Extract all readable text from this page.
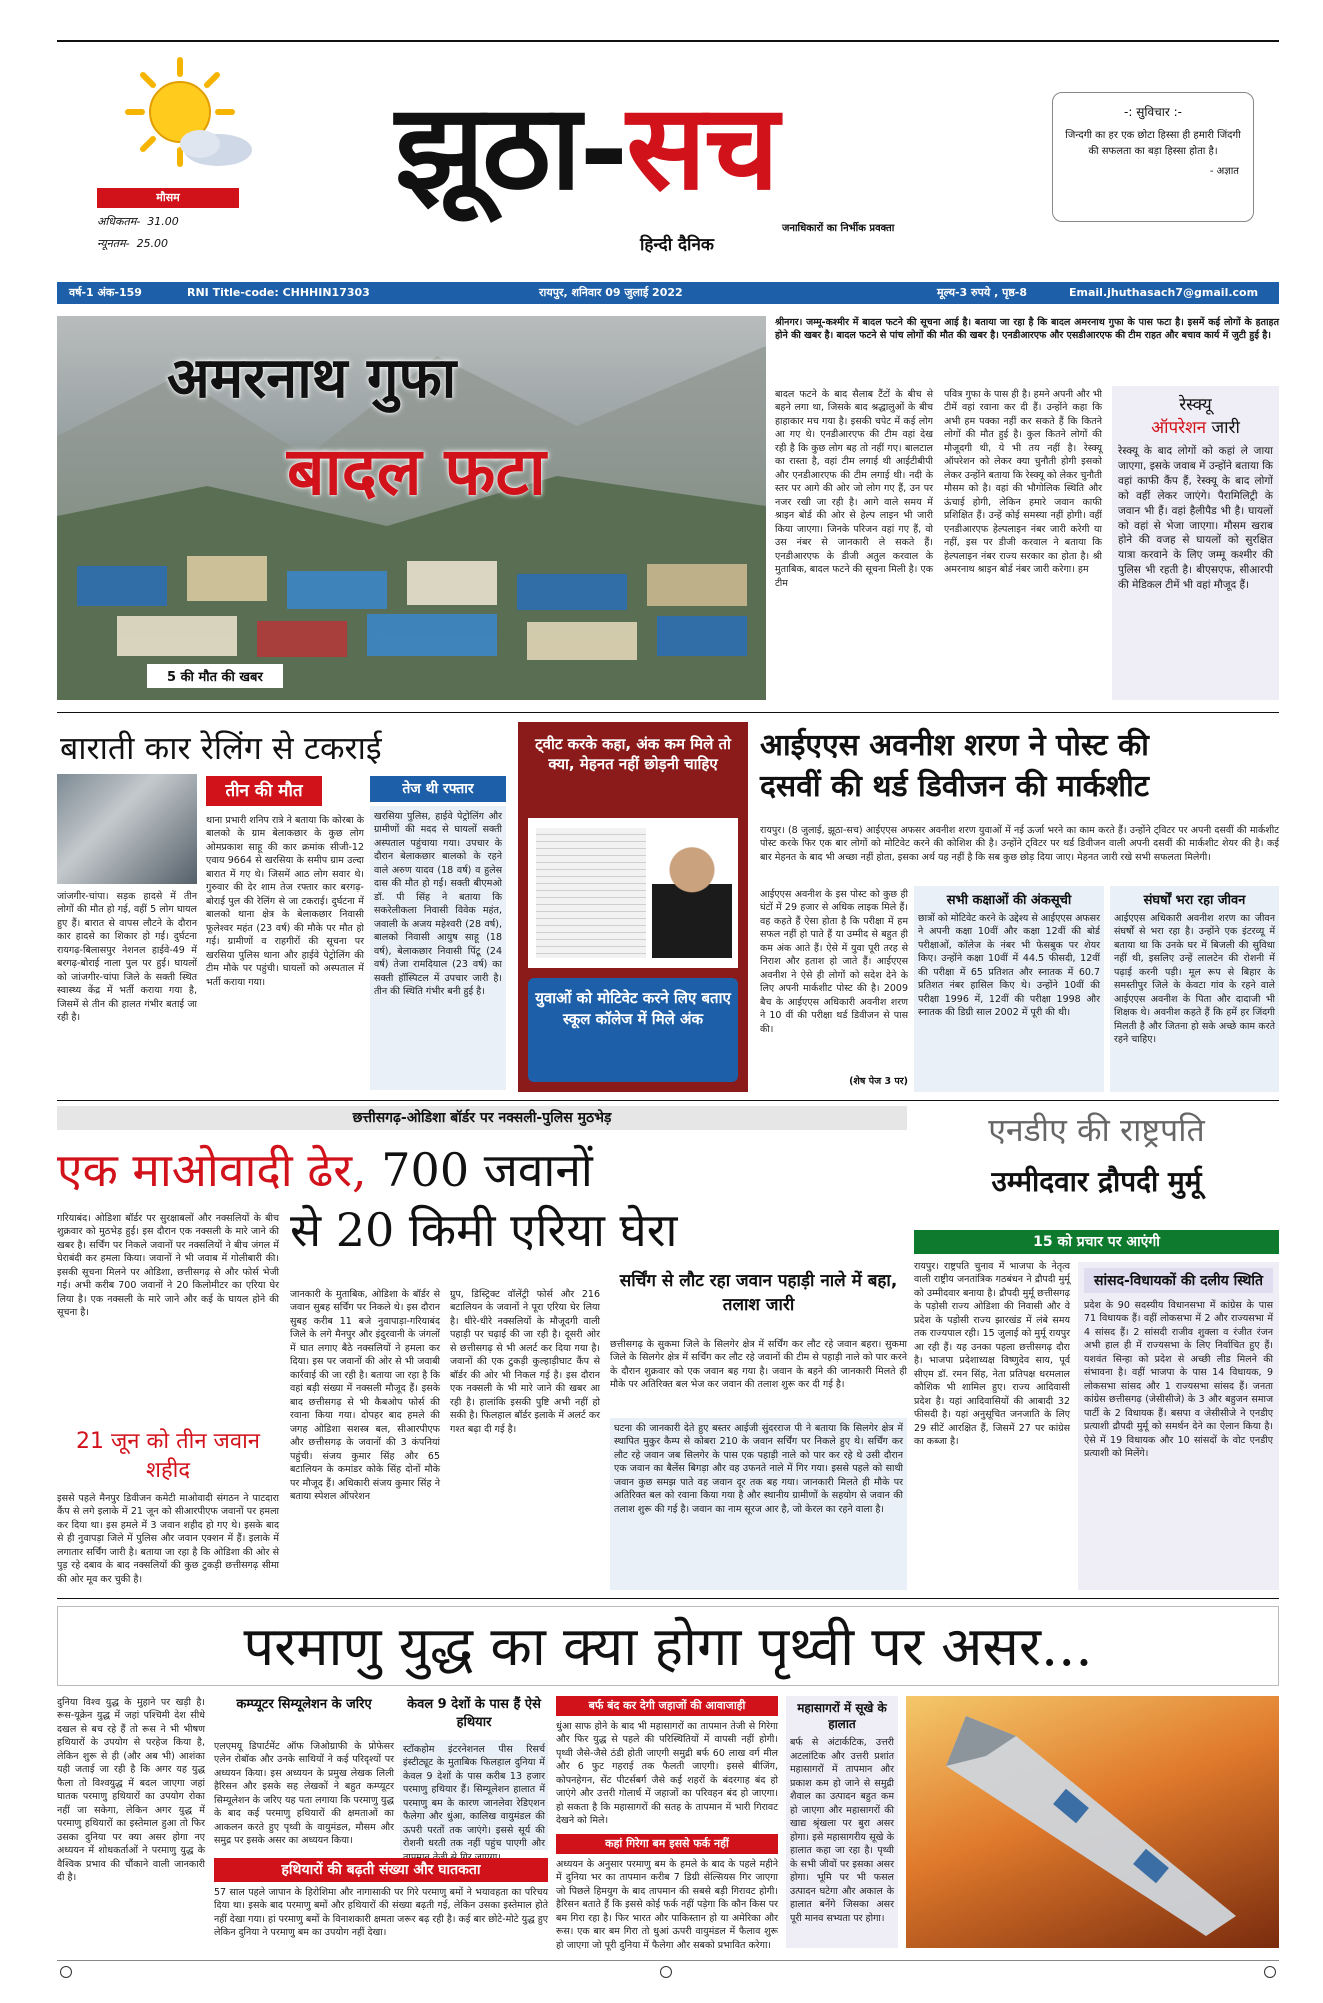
मौसम
अधिकतम- 31.00
न्यूनतम- 25.00
झूठा-सच
हिन्दी दैनिक
जनाधिकारों का निर्भीक प्रवक्ता
-: सुविचार :-
जिन्दगी का हर एक छोटा हिस्सा ही हमारी जिंदगी की सफलता का बड़ा हिस्सा होता है।
- अज्ञात
वर्ष-1 अंक-159	RNI Title-code: CHHHIN17303	रायपुर, शनिवार 09 जुलाई 2022	मूल्य-3 रुपये , पृष्ठ-8	Email.jhuthasach7@gmail.com
अमरनाथ गुफा
बादल फटा
5 की मौत की खबर
श्रीनगर। जम्मू-कश्मीर में बादल फटने की सूचना आई है। बताया जा रहा है कि बादल अमरनाथ गुफा के पास फटा है। इसमें कई लोगों के हताहत होने की खबर है। बादल फटने से पांच लोगों की मौत की खबर है। एनडीआरएफ और एसडीआरएफ की टीम राहत और बचाव कार्य में जुटी हुई है।
बादल फटने के बाद सैलाब टैंटों के बीच से बहने लगा था, जिसके बाद श्रद्धालुओं के बीच हाहाकार मच गया है। इसकी चपेट में कई लोग आ गए थे। एनडीआरएफ की टीम वहां देख रही है कि कुछ लोग बह तो नहीं गए। बालटाल का रास्ता है, वहां टीम लगाई थी आईटीबीपी और एनडीआरएफ की टीम लगाई थी। नदी के स्तर पर आगे की ओर जो लोग गए हैं, उन पर नजर रखी जा रही है। आगे वाले समय में श्राइन बोर्ड की ओर से हेल्प लाइन भी जारी किया जाएगा। जिनके परिजन वहां गए हैं, वो उस नंबर से जानकारी ले सकते हैं। एनडीआरएफ के डीजी अतुल करवाल के मुताबिक, बादल फटने की सूचना मिली है। एक टीम
पवित्र गुफा के पास ही है। हमने अपनी और भी टीमें वहां रवाना कर दी हैं। उन्होंने कहा कि अभी हम पक्का नहीं कर सकते हैं कि कितने लोगों की मौत हुई है। कुल कितने लोगों की मौजूदगी थी, ये भी तय नहीं है। रेस्क्यू ऑपरेशन को लेकर क्या चुनौती होगी इसको लेकर उन्होंने बताया कि रेस्क्यू को लेकर चुनौती मौसम को है। वहां की भौगोलिक स्थिति और ऊंचाई होगी, लेकिन हमारे जवान काफी प्रशिक्षित हैं। उन्हें कोई समस्या नहीं होगी। वहीं एनडीआरएफ हेल्पलाइन नंबर जारी करेगी या नहीं, इस पर डीजी करवाल ने बताया कि हेल्पलाइन नंबर राज्य सरकार का होता है। श्री अमरनाथ श्राइन बोर्ड नंबर जारी करेगा। हम
रेस्क्यू
ऑपरेशन जारी
रेस्क्यू के बाद लोगों को कहां ले जाया जाएगा, इसके जवाब में उन्होंने बताया कि वहां काफी कैंप हैं, रेस्क्यू के बाद लोगों को वहीं लेकर जाएंगे। पैरामिलिट्री के जवान भी हैं। वहां हैलीपैड भी है। घायलों को वहां से भेजा जाएगा। मौसम खराब होने की वजह से घायलों को सुरक्षित यात्रा करवाने के लिए जम्मू कश्मीर की पुलिस भी रहती है। बीएसएफ, सीआरपी की मेडिकल टीमें भी वहां मौजूद हैं।
बाराती कार रेलिंग से टकराई
जांजगीर-चांपा। सड़क हादसे में तीन लोगों की मौत हो गई, वहीं 5 लोग घायल हुए हैं। बारात से वापस लौटने के दौरान कार हादसे का शिकार हो गई। दुर्घटना रायगढ़-बिलासपुर नेशनल हाईवे-49 में बरगढ़-बोराई नाला पुल पर हुई। घायलों को जांजगीर-चांपा जिले के सक्ती स्थित स्वास्थ्य केंद्र में भर्ती कराया गया है, जिसमें से तीन की हालत गंभीर बताई जा रही है।
तीन की मौत
थाना प्रभारी शनिप रात्रे ने बताया कि कोरबा के बालको के ग्राम बेलाकछार के कुछ लोग ओमप्रकाश साहू की कार क्रमांक सीजी-12 एवाय 9664 से खरसिया के समीप ग्राम उल्दा बारात में गए थे। जिसमें आठ लोग सवार थे। गुरुवार की देर शाम तेज रफ्तार कार बरगढ़-बोराई पुल की रेलिंग से जा टकराई। दुर्घटना में बालको थाना क्षेत्र के बेलाकछार निवासी फूलेश्वर महंत (23 वर्ष) की मौके पर मौत हो गई। ग्रामीणों व राहगीरों की सूचना पर खरसिया पुलिस थाना और हाईवे पेट्रोलिंग की टीम मौके पर पहुंची। घायलों को अस्पताल में भर्ती कराया गया।
तेज थी रफ्तार
खरसिया पुलिस, हाईवे पेट्रोलिंग और ग्रामीणों की मदद से घायलों सक्ती अस्पताल पहुंचाया गया। उपचार के दौरान बेलाकछार बालको के रहने वाले अरुण यादव (18 वर्ष) व हुलेस दास की मौत हो गई। सक्ती बीएमओ डॉ. पी सिंह ने बताया कि सकरेलीकला निवासी विवेक महंत, जवाली के अजय महेश्वरी (28 वर्ष), बालको निवासी आयुष साहू (18 वर्ष), बेलाकछार निवासी पिंटू (24 वर्ष) तेजा रामदियाल (23 वर्ष) का सक्ती हॉस्पिटल में उपचार जारी है। तीन की स्थिति गंभीर बनी हुई है।
ट्वीट करके कहा, अंक कम मिले तो क्या, मेहनत नहीं छोड़नी चाहिए
युवाओं को मोटिवेट करने लिए बताए स्कूल कॉलेज में मिले अंक
आईएएस अवनीश शरण ने पोस्ट की
दसवीं की थर्ड डिवीजन की मार्कशीट
रायपुर। (8 जुलाई, झूठा-सच) आईएएस अफसर अवनीश शरण युवाओं में नई ऊर्जा भरने का काम करते हैं। उन्होंने ट्विटर पर अपनी दसवीं की मार्कशीट पोस्ट करके फिर एक बार लोगों को मोटिवेट करने की कोशिश की है। उन्होंने ट्विटर पर थर्ड डिवीजन वाली अपनी दसवीं की मार्कशीट शेयर की है। कई बार मेहनत के बाद भी अच्छा नहीं होता, इसका अर्थ यह नहीं है कि सब कुछ छोड़ दिया जाए। मेहनत जारी रखे सभी सफलता मिलेगी।
आईएएस अवनीश के इस पोस्ट को कुछ ही घंटों में 29 हजार से अधिक लाइक मिले हैं। वह कहते हैं ऐसा होता है कि परीक्षा में हम सफल नहीं हो पाते हैं या उम्मीद से बहुत ही कम अंक आते हैं। ऐसे में युवा पूरी तरह से निराश और हताश हो जाते हैं। आईएएस अवनीश ने ऐसे ही लोगों को सदेश देने के लिए अपनी मार्कशीट पोस्ट की है। 2009 बैच के आईएएस अधिकारी अवनीश शरण ने 10 वीं की परीक्षा थर्ड डिवीजन से पास की।
(शेष पेज 3 पर)
सभी कक्षाओं की अंकसूची
छात्रों को मोटिवेट करने के उद्देश्य से आईएएस अफसर ने अपनी कक्षा 10वीं और कक्षा 12वीं की बोर्ड परीक्षाओं, कॉलेज के नंबर भी फेसबुक पर शेयर किए। उन्होंने कक्षा 10वीं में 44.5 फीसदी, 12वीं की परीक्षा में 65 प्रतिशत और स्नातक में 60.7 प्रतिशत नंबर हासिल किए थे। उन्होंने 10वीं की परीक्षा 1996 में, 12वीं की परीक्षा 1998 और स्नातक की डिग्री साल 2002 में पूरी की थी।
संघर्षों भरा रहा जीवन
आईएएस अधिकारी अवनीश शरण का जीवन संघर्षों से भरा रहा है। उन्होंने एक इंटरव्यू में बताया था कि उनके घर में बिजली की सुविधा नहीं थी, इसलिए उन्हें लालटेन की रोशनी में पढ़ाई करनी पड़ी। मूल रूप से बिहार के समस्तीपुर जिले के केवटा गांव के रहने वाले आईएएस अवनीश के पिता और दादाजी भी शिक्षक थे। अवनीश कहते हैं कि हमें हर जिंदगी मिलती है और जितना हो सके अच्छे काम करते रहने चाहिए।
छत्तीसगढ़-ओडिशा बॉर्डर पर नक्सली-पुलिस मुठभेड़
एक माओवादी ढेर, 700 जवानों
से 20 किमी एरिया घेरा
गरियाबंद। ओडिशा बॉर्डर पर सुरक्षाबलों और नक्सलियों के बीच शुक्रवार को मुठभेड़ हुई। इस दौरान एक नक्सली के मारे जाने की खबर है। सर्चिंग पर निकले जवानों पर नक्सलियों ने बीच जंगल में घेराबंदी कर हमला किया। जवानों ने भी जवाब में गोलीबारी की। इसकी सूचना मिलने पर ओडिशा, छत्तीसगढ़ से और फोर्स भेजी गई। अभी करीब 700 जवानों ने 20 किलोमीटर का एरिया घेर लिया है। एक नक्सली के मारे जाने और कई के घायल होने की सूचना है।
21 जून को तीन जवान शहीद
इससे पहले मैनपुर डिवीजन कमेटी माओवादी संगठन ने पाटदारा कैंप से लगे इलाके में 21 जून को सीआरपीएफ जवानों पर हमला कर दिया था। इस हमले में 3 जवान शहीद हो गए थे। इसके बाद से ही नुवापड़ा जिले में पुलिस और जवान एक्शन में हैं। इलाके में लगातार सर्चिंग जारी है। बताया जा रहा है कि ओडिशा की ओर से पुड़ रहे दबाव के बाद नक्सलियों की कुछ टुकड़ी छत्तीसगढ़ सीमा की ओर मूव कर चुकी है।
जानकारी के मुताबिक, ओडिशा के बॉर्डर से जवान सुबह सर्चिंग पर निकले थे। इस दौरान सुबह करीब 11 बजे नुवापाड़ा-गरियाबंद जिले के लगे मैनपुर और इंदुरवानी के जंगलों में घात लगाए बैठे नक्सलियों ने हमला कर दिया। इस पर जवानों की ओर से भी जवाबी कार्रवाई की जा रही है। बताया जा रहा है कि वहां बड़ी संख्या में नक्सली मौजूद हैं। इसके बाद छत्तीसगढ़ से भी कैबओप फोर्स की रवाना किया गया। दोपहर बाद हमले की जगह ओडिशा सशस्त्र बल, सीआरपीएफ और छत्तीसगढ़ के जवानों की 3 कंपनियां पहुंची। संजय कुमार सिंह और 65 बटालियन के कमांडर कोके सिंह दोनों मौके पर मौजूद हैं। अधिकारी संजय कुमार सिंह ने बताया स्पेशल ऑपरेशन
ग्रुप, डिस्ट्रिक्ट वॉलेंट्री फोर्स और 216 बटालियन के जवानों ने पूरा एरिया घेर लिया है। धीरे-धीरे नक्सलियों के मौजूदगी वाली पहाड़ी पर चढ़ाई की जा रही है। दूसरी ओर से छत्तीसगढ़ से भी अलर्ट कर दिया गया है। जवानों की एक टुकड़ी कुल्हाड़ीघाट कैंप से बॉर्डर की ओर भी निकल गई है। इस दौरान एक नक्सली के भी मारे जाने की खबर आ रही है। हालांकि इसकी पुष्टि अभी नहीं हो सकी है। फिलहाल बॉर्डर इलाके में अलर्ट कर गश्त बढ़ा दी गई है।
सर्चिंग से लौट रहा जवान पहाड़ी नाले में बहा, तलाश जारी
छत्तीसगढ़ के सुकमा जिले के सिलगेर क्षेत्र में सर्चिंग कर लौट रहे जवान बहरा। सुकमा जिले के सिलगेर क्षेत्र में सर्चिंग कर लौट रहे जवानों की टीम से पहाड़ी नाले को पार करने के दौरान शुक्रवार को एक जवान बह गया है। जवान के बहने की जानकारी मिलते ही मौके पर अतिरिक्त बल भेज कर जवान की तलाश शुरू कर दी गई है।
घटना की जानकारी देते हुए बस्तर आईजी सुंदरराज पी ने बताया कि सिलगेर क्षेत्र में स्थापित मुकुर कैम्प से कोबरा 210 के जवान सर्चिंग पर निकले हुए थे। सर्चिंग कर लौट रहे जवान जब सिलगेर के पास एक पहाड़ी नाले को पार कर रहे थे उसी दौरान एक जवान का बैलेंस बिगड़ा और वह उफनते नाले में गिर गया। इससे पहले को साथी जवान कुछ समझ पाते वह जवान दूर तक बह गया। जानकारी मिलते ही मौके पर अतिरिक्त बल को रवाना किया गया है और स्थानीय ग्रामीणों के सहयोग से जवान की तलाश शुरू की गई है। जवान का नाम सूरज आर है, जो केरल का रहने वाला है।
एनडीए की राष्ट्रपति
उम्मीदवार द्रौपदी मुर्मू
15 को प्रचार पर आएंगी
रायपुर। राष्ट्रपति चुनाव में भाजपा के नेतृत्व वाली राष्ट्रीय जनतांत्रिक गठबंधन ने द्रौपदी मुर्मू को उम्मीदवार बनाया है। द्रौपदी मुर्मू छत्तीसगढ़ के पड़ोसी राज्य ओडिशा की निवासी और वे प्रदेश के पड़ोसी राज्य झारखंड में लंबे समय तक राज्यपाल रही। 15 जुलाई को मुर्मू रायपुर आ रही हैं। यह उनका पहला छत्तीसगढ़ दौरा है। भाजपा प्रदेशाध्यक्ष विष्णुदेव साय, पूर्व सीएम डॉ. रमन सिंह, नेता प्रतिपक्ष धरमलाल कौशिक भी शामिल हुए। राज्य आदिवासी प्रदेश है। यहां आदिवासियों की आबादी 32 फीसदी है। यहां अनुसूचित जनजाति के लिए 29 सीटें आरक्षित हैं, जिसमें 27 पर कांग्रेस का कब्जा है।
सांसद-विधायकों की दलीय स्थिति
प्रदेश के 90 सदस्यीय विधानसभा में कांग्रेस के पास 71 विधायक हैं। वहीं लोकसभा में 2 और राज्यसभा में 4 सांसद हैं। 2 सांसदी राजीव शुक्ला व रंजीत रंजन अभी हाल ही में राज्यसभा के लिए निर्वाचित हुए हैं। यशवंत सिन्हा को प्रदेश से अच्छी लीड मिलने की संभावना है। वहीं भाजपा के पास 14 विधायक, 9 लोकसभा सांसद और 1 राज्यसभा सांसद हैं। जनता कांग्रेस छत्तीसगढ़ (जेसीसीजे) के 3 और बहुजन समाज पार्टी के 2 विधायक हैं। बसपा व जेसीसीजे ने एनडीए प्रत्याशी द्रौपदी मुर्मू को समर्थन देने का ऐलान किया है। ऐसे में 19 विधायक और 10 सांसदों के वोट एनडीए प्रत्याशी को मिलेंगे।
परमाणु युद्ध का क्या होगा पृथ्वी पर असर...
दुनिया विश्व युद्ध के मुहाने पर खड़ी है। रूस-यूक्रेन युद्ध में जहां पश्चिमी देश सीधे दखल से बच रहे हैं तो रूस ने भी भीषण हथियारों के उपयोग से परहेज किया है, लेकिन शुरू से ही (और अब भी) आशंका यही जताई जा रही है कि अगर यह युद्ध फैला तो विश्वयुद्ध में बदल जाएगा जहां घातक परमाणु हथियारों का उपयोग रोका नहीं जा सकेगा, लेकिन अगर युद्ध में परमाणु हथियारों का इस्तेमाल हुआ तो फिर उसका दुनिया पर क्या असर होगा नए अध्ययन में शोधकर्ताओं ने परमाणु युद्ध के वैश्विक प्रभाव की चौंकाने वाली जानकारी दी है।
कम्प्यूटर सिम्यूलेशन के जरिए
एलएमयू डिपार्टमेंट ऑफ जिओग्राफी के प्रोफेसर एलेन रोबॉक और उनके साथियों ने कई परिदृश्यों पर अध्ययन किया। इस अध्ययन के प्रमुख लेखक लिली हैरिसन और इसके सह लेखकों ने बहुत कम्प्यूटर सिम्यूलेशन के जरिए यह पता लगाया कि परमाणु युद्ध के बाद कई परमाणु हथियारों की क्षमताओं का आकलन करते हुए पृथ्वी के वायुमंडल, मौसम और समुद्र पर इसके असर का अध्ययन किया।
केवल 9 देशों के पास हैं ऐसे हथियार
स्टॉकहोम इंटरनेशनल पीस रिसर्च इंस्टीट्यूट के मुताबिक फिलहाल दुनिया में केवल 9 देशों के पास करीब 13 हजार परमाणु हथियार हैं। सिम्यूलेशन हालात में परमाणु बम के कारण जानलेवा रेडिएशन फैलेगा और धुंआ, कालिख वायुमंडल की ऊपरी परतों तक जाएंगे। इससे सूर्य की रोशनी धरती तक नहीं पहुंच पाएगी और
हथियारों की बढ़ती संख्या और घातकता
57 साल पहले जापान के हिरोशिमा और नागासाकी पर गिरे परमाणु बमों ने भयावहता का परिचय दिया था। इसके बाद परमाणु बमों और हथियारों की संख्या बढ़ती गई, लेकिन उसका इस्तेमाल होते नहीं देखा गया। हां परमाणु बमों के विनाशकारी क्षमता जरूर बढ़ रही है। कई बार छोटे-मोटे युद्ध हुए लेकिन दुनिया ने परमाणु बम का उपयोग नहीं देखा।
बर्फ बंद कर देगी जहाजों की आवाजाही
धुंआ साफ होने के बाद भी महासागरों का तापमान तेजी से गिरेगा और फिर युद्ध से पहले की परिस्थितियों में वापसी नहीं होगी। पृथ्वी जैसे-जैसे ठंडी होती जाएगी समुद्री बर्फ 60 लाख वर्ग मील और 6 फुट गहराई तक फैलती जाएगी। इससे बीजिंग, कोपनहेगन, सेंट पीटर्सबर्ग जैसे कई शहरों के बंदरगाह बंद हो जाएंगे और उत्तरी गोलार्ध में जहाजों का परिवहन बंद हो जाएगा। हो सकता है कि महासागरों की सतह के तापमान में भारी गिरावट देखने को मिले।
कहां गिरेगा बम इससे फर्क नहीं
अध्ययन के अनुसार परमाणु बम के हमले के बाद के पहले महीने में दुनिया भर का तापमान करीब 7 डिग्री सेल्सियस गिर जाएगा जो पिछले हिमयुग के बाद तापमान की सबसे बड़ी गिरावट होगी। हैरिसन बताते हैं कि इससे कोई फर्क नहीं पड़ेगा कि कौन किस पर बम गिरा रहा है। फिर भारत और पाकिस्तान हो या अमेरिका और रूस। एक बार बम गिरा तो धुआं ऊपरी वायुमंडल में फैलाव शुरू हो जाएगा जो पूरी दुनिया में फैलेगा और सबको प्रभावित करेगा।
महासागरों में सूखे के हालात
बर्फ से अंटार्कटिक, उत्तरी अटलांटिक और उत्तरी प्रशांत महासागरों में तापमान और प्रकाश कम हो जाने से समुद्री शैवाल का उत्पादन बहुत कम हो जाएगा और महासागरों की खाद्य श्रृंखला पर बुरा असर होगा। इसे महासागरीय सूखे के हालात कहा जा रहा है। पृथ्वी के सभी जीवों पर इसका असर होगा। भूमि पर भी फसल उत्पादन घटेगा और अकाल के हालात बनेंगे जिसका असर पूरी मानव सभ्यता पर होगा।
